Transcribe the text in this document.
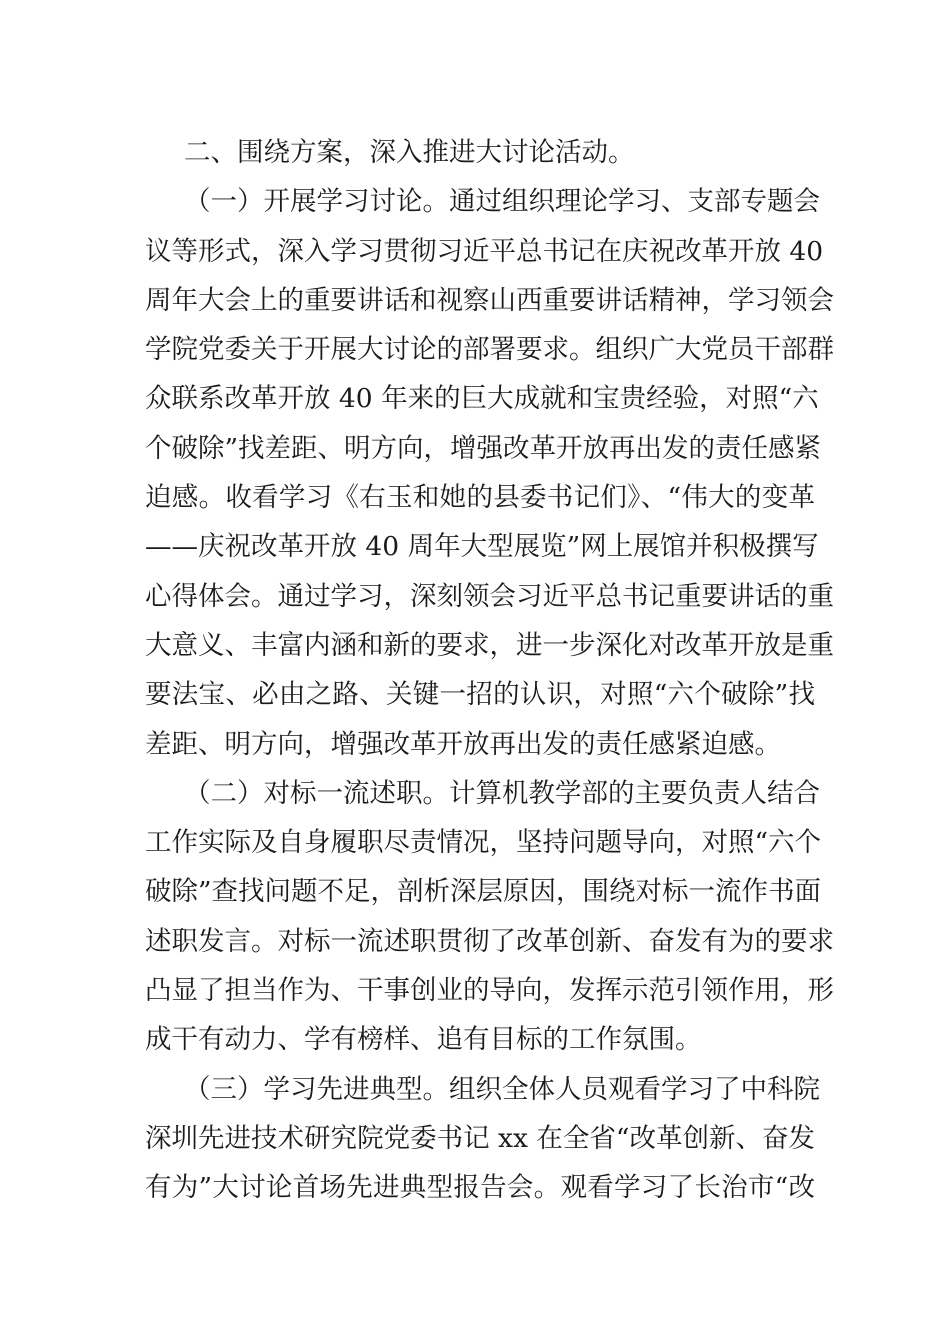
二、围绕方案，深入推进大讨论活动。
（一）开展学习讨论。通过组织理论学习、支部专题会
议等形式，深入学习贯彻习近平总书记在庆祝改革开放 40
周年大会上的重要讲话和视察山西重要讲话精神，学习领会
学院党委关于开展大讨论的部署要求。组织广大党员干部群
众联系改革开放 40 年来的巨大成就和宝贵经验，对照“六
个破除”找差距、明方向，增强改革开放再出发的责任感紧
迫感。收看学习《右玉和她的县委书记们》、“伟大的变革
——庆祝改革开放 40 周年大型展览”网上展馆并积极撰写
心得体会。通过学习，深刻领会习近平总书记重要讲话的重
大意义、丰富内涵和新的要求，进一步深化对改革开放是重
要法宝、必由之路、关键一招的认识，对照“六个破除”找
差距、明方向，增强改革开放再出发的责任感紧迫感。
（二）对标一流述职。计算机教学部的主要负责人结合
工作实际及自身履职尽责情况，坚持问题导向，对照“六个
破除”查找问题不足，剖析深层原因，围绕对标一流作书面
述职发言。对标一流述职贯彻了改革创新、奋发有为的要求
凸显了担当作为、干事创业的导向，发挥示范引领作用，形
成干有动力、学有榜样、追有目标的工作氛围。
（三）学习先进典型。组织全体人员观看学习了中科院
深圳先进技术研究院党委书记 xx 在全省“改革创新、奋发
有为”大讨论首场先进典型报告会。观看学习了长治市“改
